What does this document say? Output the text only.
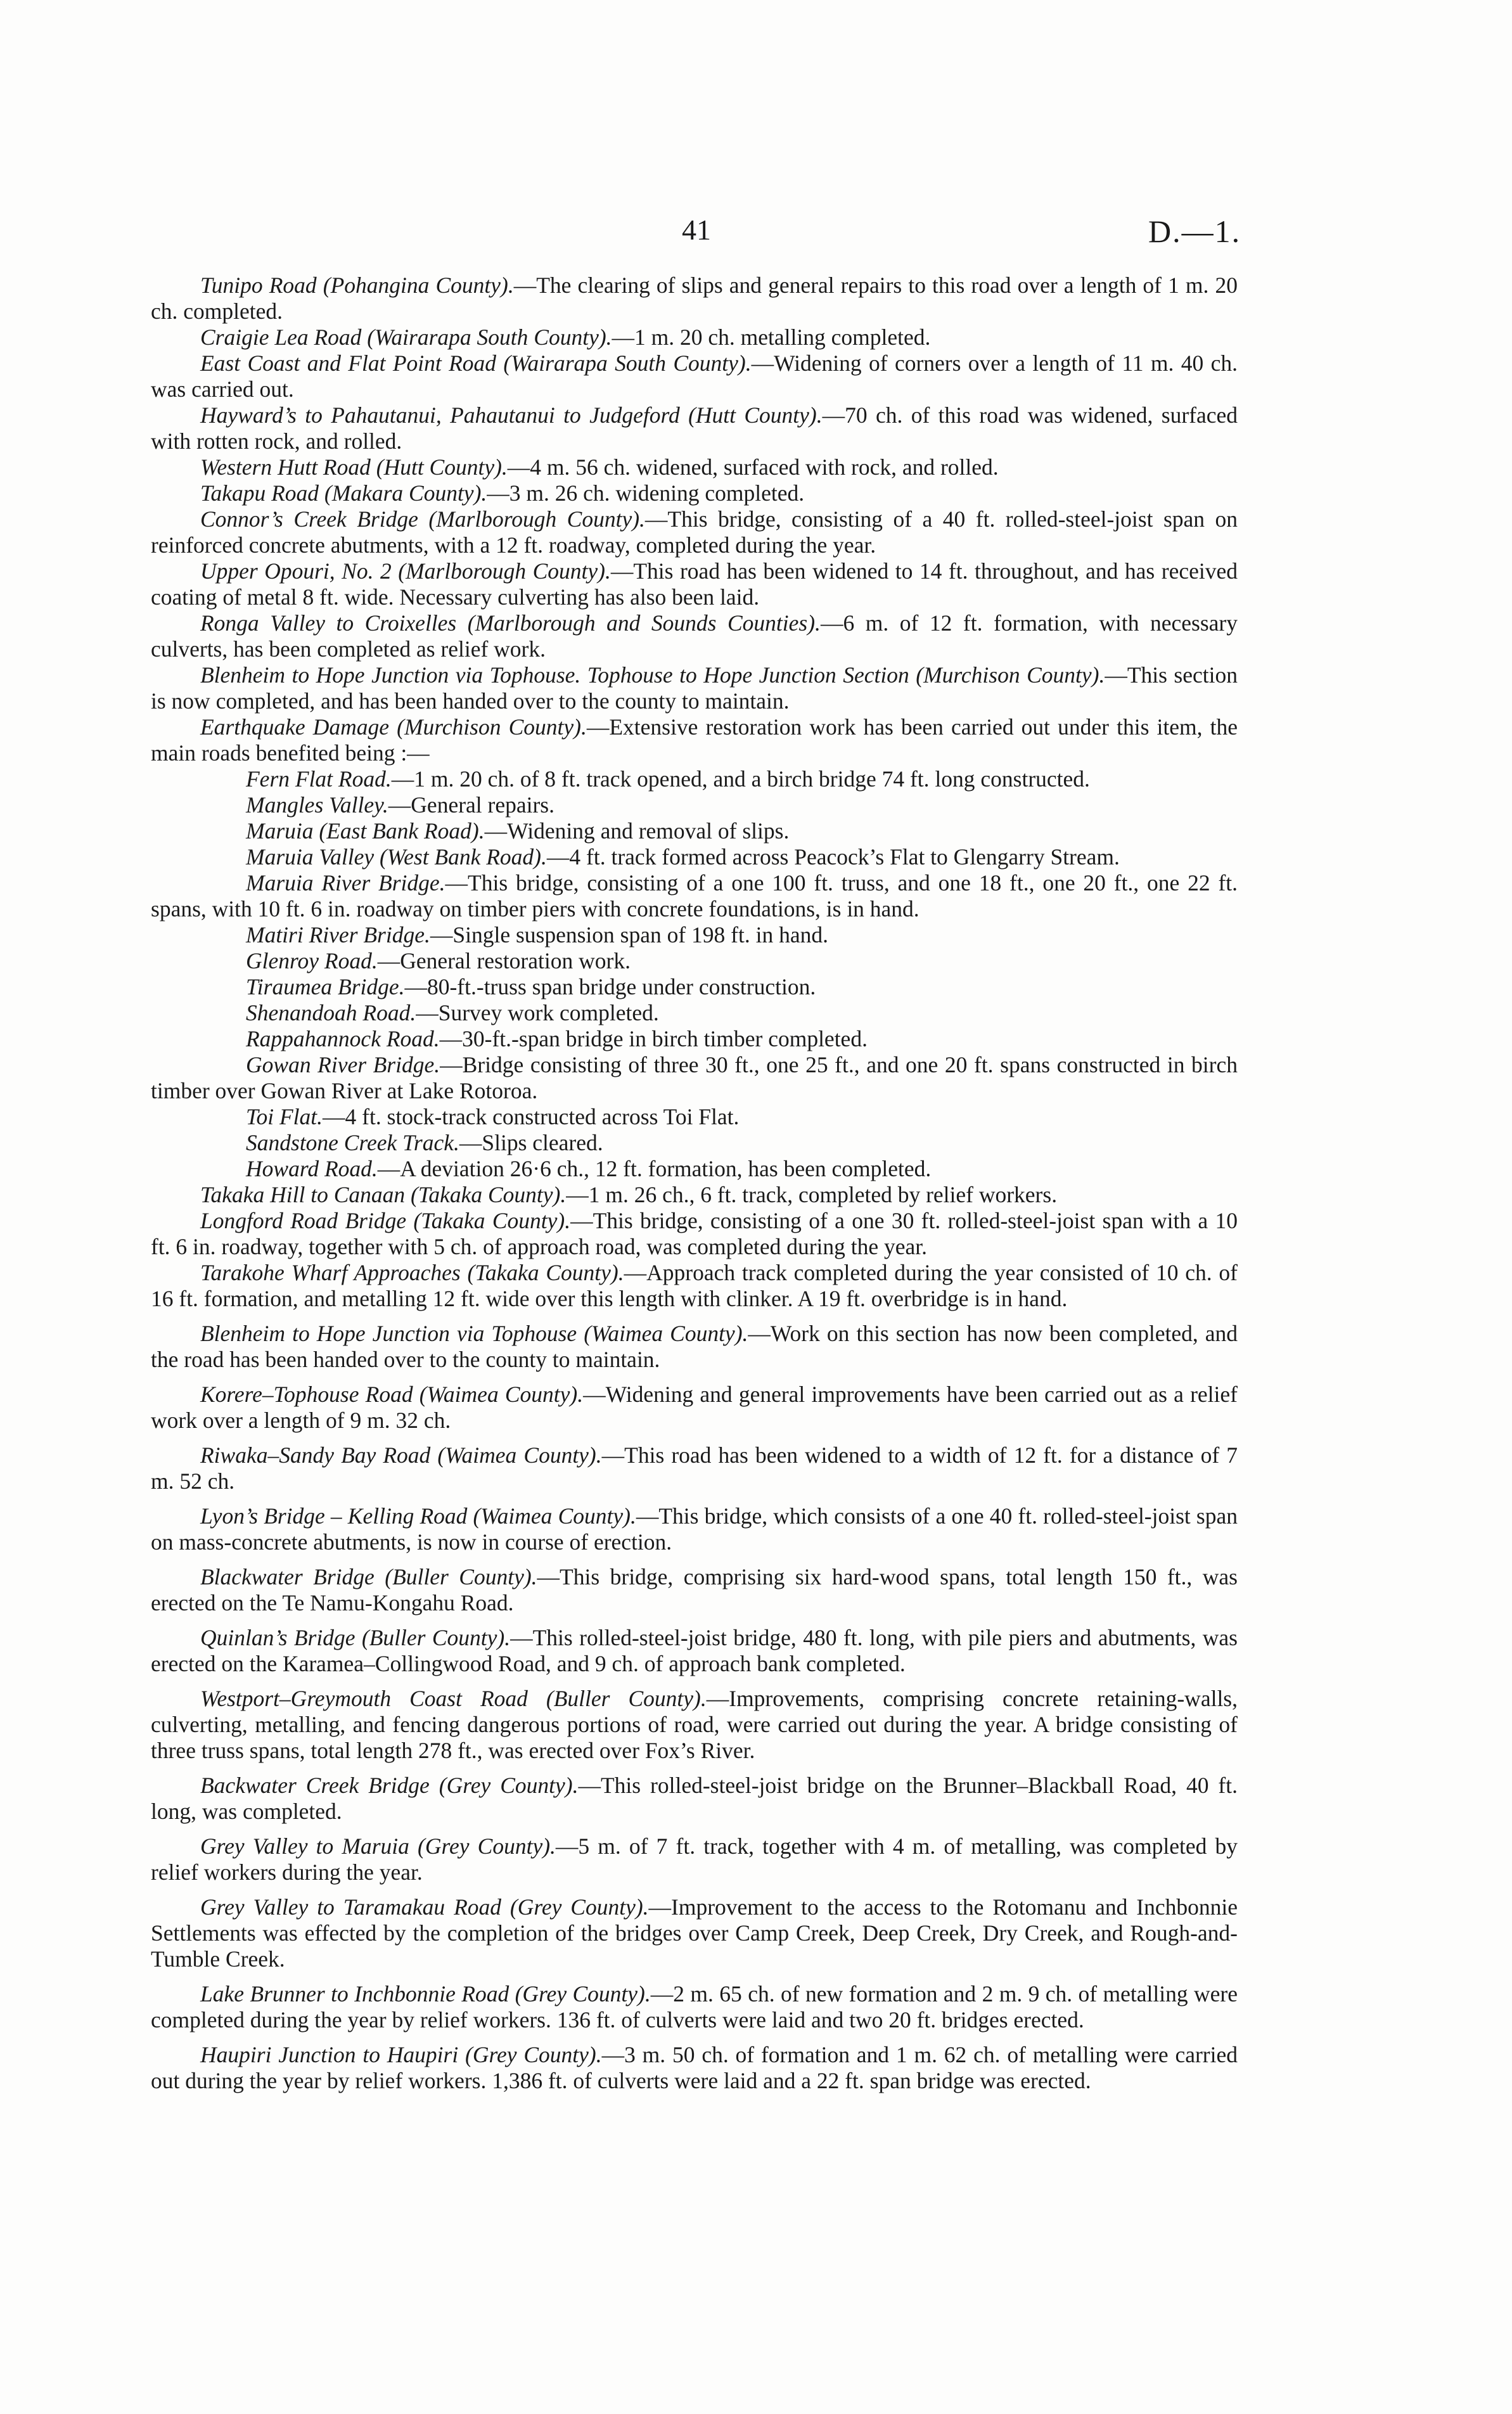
41	D.—1.

Tunipo Road (Pohangina County).—The clearing of slips and general repairs to this road over a length of 1 m. 20 ch. completed.

Craigie Lea Road (Wairarapa South County).—1 m. 20 ch. metalling completed.

East Coast and Flat Point Road (Wairarapa South County).—Widening of corners over a length of 11 m. 40 ch. was carried out.

Hayward’s to Pahautanui, Pahautanui to Judgeford (Hutt County).—70 ch. of this road was widened, surfaced with rotten rock, and rolled.

Western Hutt Road (Hutt County).—4 m. 56 ch. widened, surfaced with rock, and rolled.

Takapu Road (Makara County).—3 m. 26 ch. widening completed.

Connor’s Creek Bridge (Marlborough County).—This bridge, consisting of a 40 ft. rolled-steel-joist span on reinforced concrete abutments, with a 12 ft. roadway, completed during the year.

Upper Opouri, No. 2 (Marlborough County).—This road has been widened to 14 ft. throughout, and has received coating of metal 8 ft. wide. Necessary culverting has also been laid.

Ronga Valley to Croixelles (Marlborough and Sounds Counties).—6 m. of 12 ft. formation, with necessary culverts, has been completed as relief work.

Blenheim to Hope Junction via Tophouse. Tophouse to Hope Junction Section (Murchison County).—This section is now completed, and has been handed over to the county to maintain.

Earthquake Damage (Murchison County).—Extensive restoration work has been carried out under this item, the main roads benefited being :—

Fern Flat Road.—1 m. 20 ch. of 8 ft. track opened, and a birch bridge 74 ft. long constructed.

Mangles Valley.—General repairs.

Maruia (East Bank Road).—Widening and removal of slips.

Maruia Valley (West Bank Road).—4 ft. track formed across Peacock’s Flat to Glengarry Stream.

Maruia River Bridge.—This bridge, consisting of a one 100 ft. truss, and one 18 ft., one 20 ft., one 22 ft. spans, with 10 ft. 6 in. roadway on timber piers with concrete foundations, is in hand.

Matiri River Bridge.—Single suspension span of 198 ft. in hand.

Glenroy Road.—General restoration work.

Tiraumea Bridge.—80-ft.-truss span bridge under construction.

Shenandoah Road.—Survey work completed.

Rappahannock Road.—30-ft.-span bridge in birch timber completed.

Gowan River Bridge.—Bridge consisting of three 30 ft., one 25 ft., and one 20 ft. spans constructed in birch timber over Gowan River at Lake Rotoroa.

Toi Flat.—4 ft. stock-track constructed across Toi Flat.

Sandstone Creek Track.—Slips cleared.

Howard Road.—A deviation 26·6 ch., 12 ft. formation, has been completed.

Takaka Hill to Canaan (Takaka County).—1 m. 26 ch., 6 ft. track, completed by relief workers.

Longford Road Bridge (Takaka County).—This bridge, consisting of a one 30 ft. rolled-steel-joist span with a 10 ft. 6 in. roadway, together with 5 ch. of approach road, was completed during the year.

Tarakohe Wharf Approaches (Takaka County).—Approach track completed during the year consisted of 10 ch. of 16 ft. formation, and metalling 12 ft. wide over this length with clinker. A 19 ft. overbridge is in hand.

Blenheim to Hope Junction via Tophouse (Waimea County).—Work on this section has now been completed, and the road has been handed over to the county to maintain.

Korere–Tophouse Road (Waimea County).—Widening and general improvements have been carried out as a relief work over a length of 9 m. 32 ch.

Riwaka–Sandy Bay Road (Waimea County).—This road has been widened to a width of 12 ft. for a distance of 7 m. 52 ch.

Lyon’s Bridge – Kelling Road (Waimea County).—This bridge, which consists of a one 40 ft. rolled-steel-joist span on mass-concrete abutments, is now in course of erection.

Blackwater Bridge (Buller County).—This bridge, comprising six hard-wood spans, total length 150 ft., was erected on the Te Namu-Kongahu Road.

Quinlan’s Bridge (Buller County).—This rolled-steel-joist bridge, 480 ft. long, with pile piers and abutments, was erected on the Karamea–Collingwood Road, and 9 ch. of approach bank completed.

Westport–Greymouth Coast Road (Buller County).—Improvements, comprising concrete retaining-walls, culverting, metalling, and fencing dangerous portions of road, were carried out during the year. A bridge consisting of three truss spans, total length 278 ft., was erected over Fox’s River.

Backwater Creek Bridge (Grey County).—This rolled-steel-joist bridge on the Brunner–Blackball Road, 40 ft. long, was completed.

Grey Valley to Maruia (Grey County).—5 m. of 7 ft. track, together with 4 m. of metalling, was completed by relief workers during the year.

Grey Valley to Taramakau Road (Grey County).—Improvement to the access to the Rotomanu and Inchbonnie Settlements was effected by the completion of the bridges over Camp Creek, Deep Creek, Dry Creek, and Rough-and-Tumble Creek.

Lake Brunner to Inchbonnie Road (Grey County).—2 m. 65 ch. of new formation and 2 m. 9 ch. of metalling were completed during the year by relief workers. 136 ft. of culverts were laid and two 20 ft. bridges erected.

Haupiri Junction to Haupiri (Grey County).—3 m. 50 ch. of formation and 1 m. 62 ch. of metalling were carried out during the year by relief workers. 1,386 ft. of culverts were laid and a 22 ft. span bridge was erected.
